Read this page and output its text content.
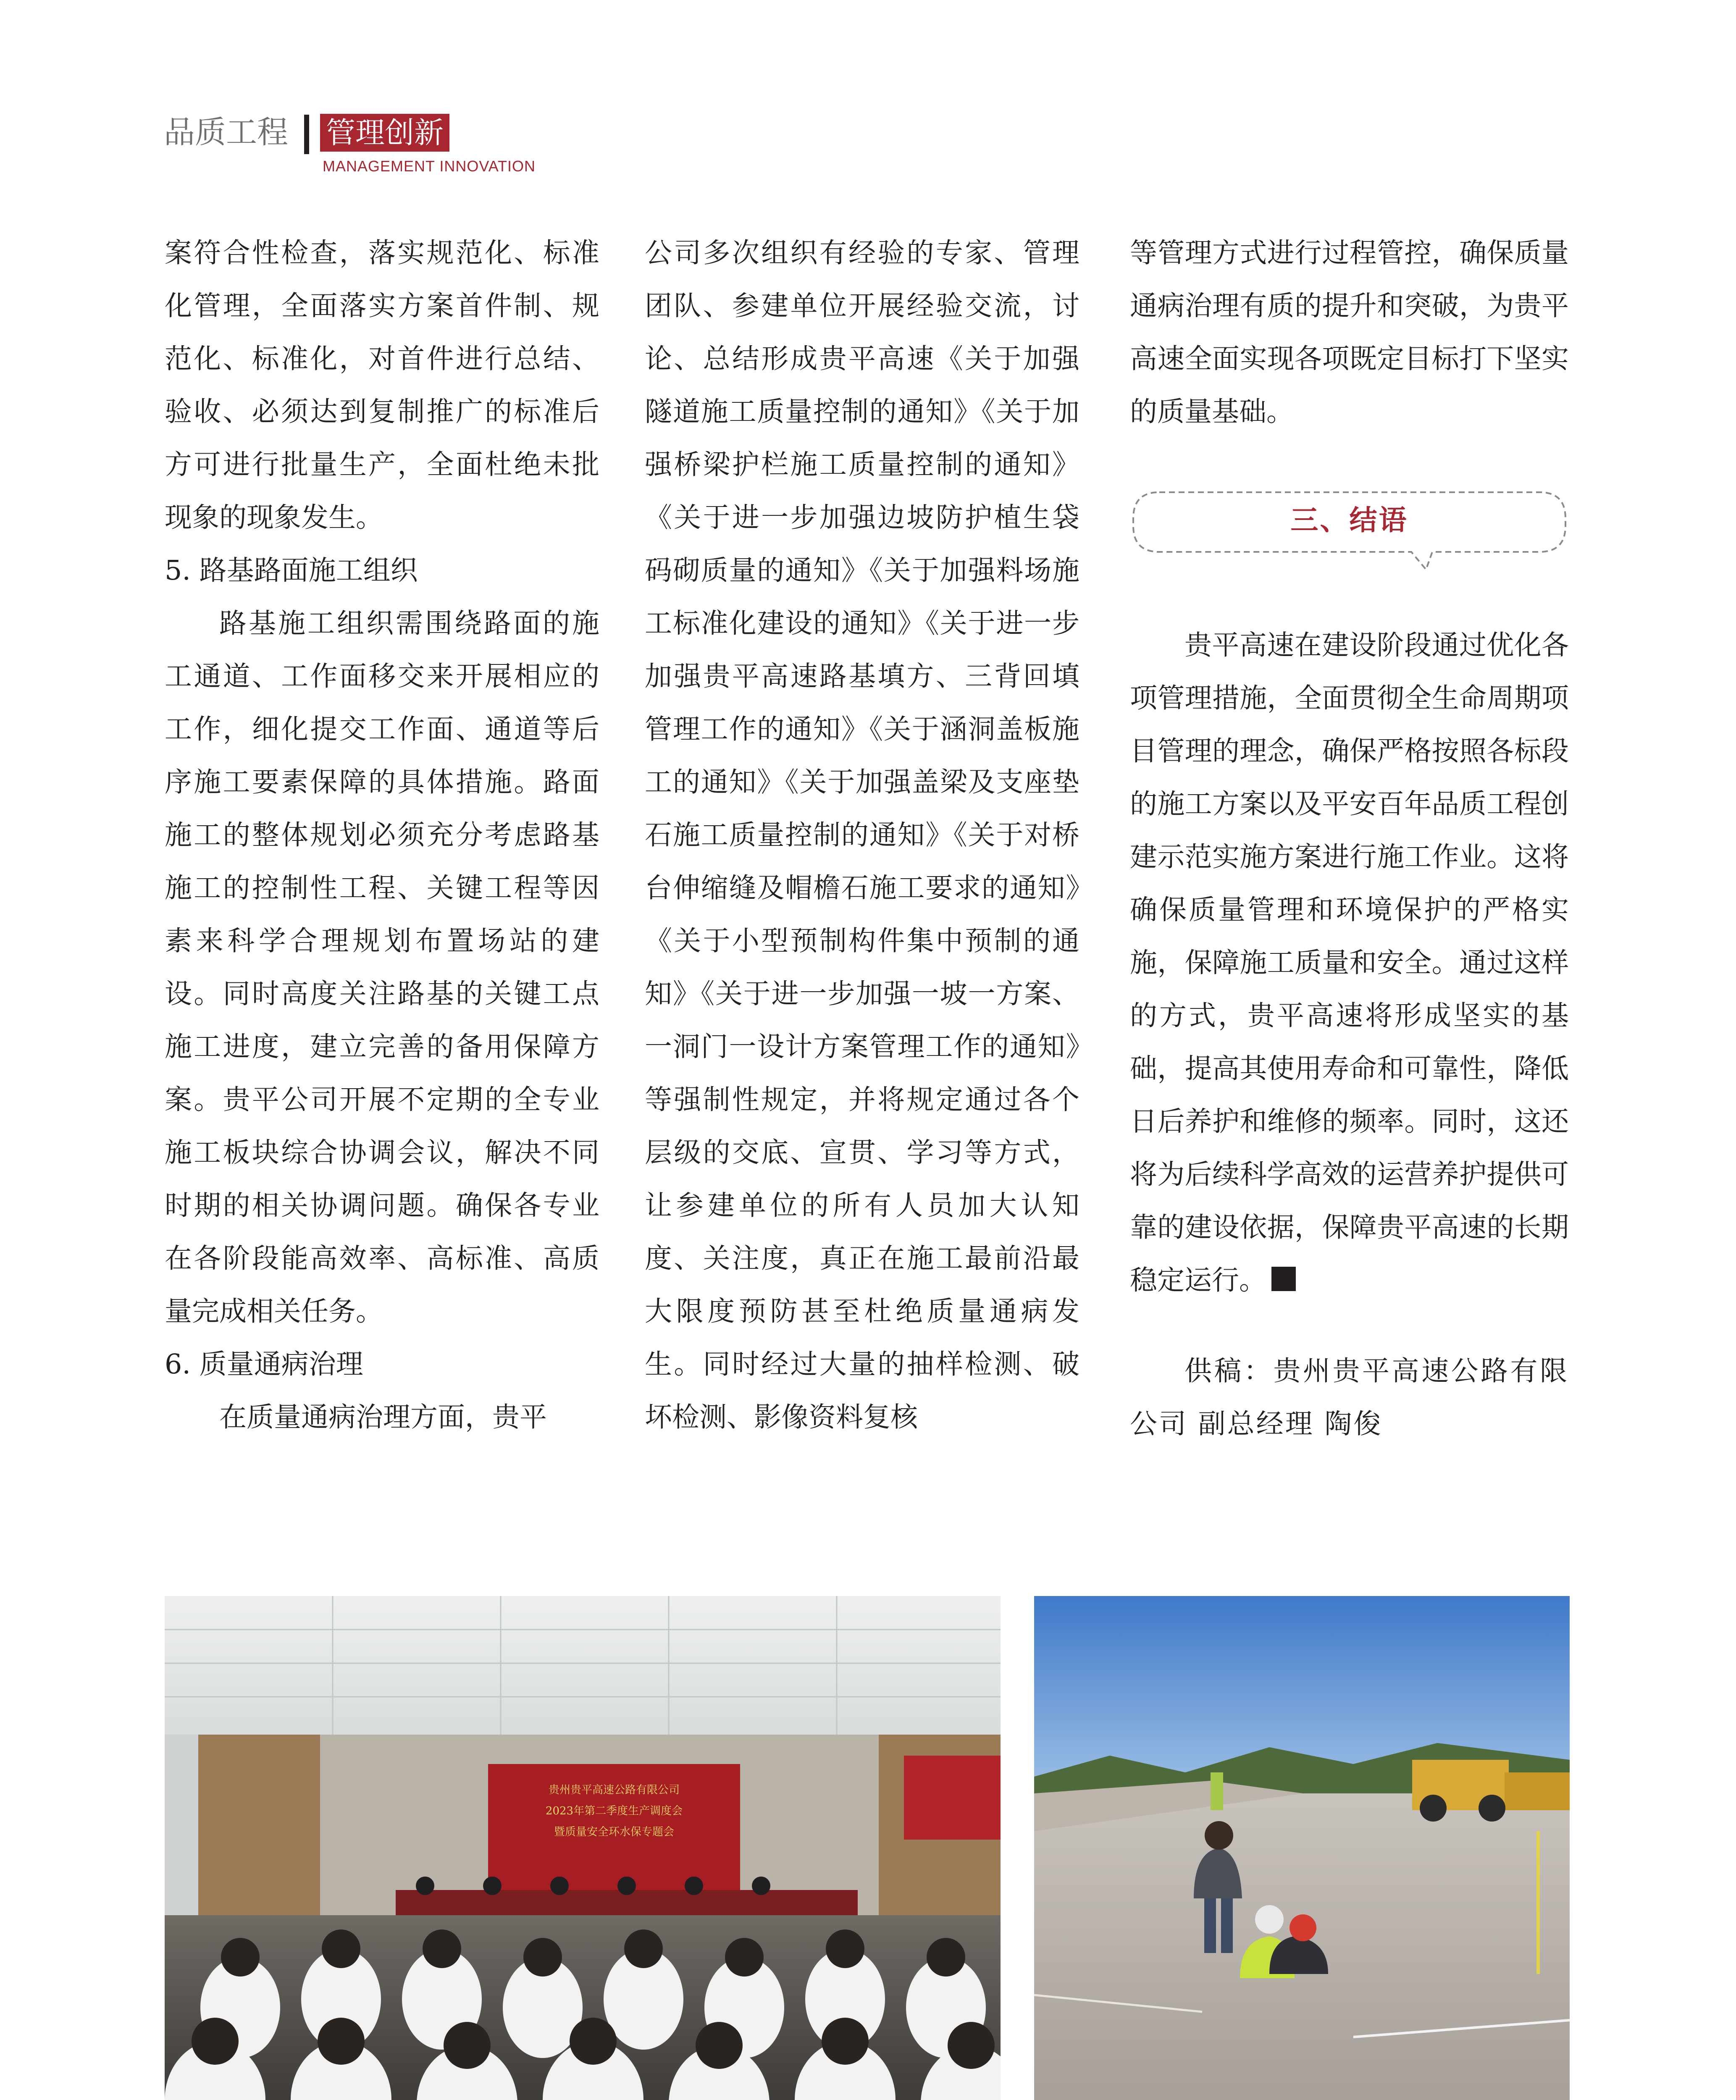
品质工程 管理创新
MANAGEMENT INNOVATION

案符合性检查，落实规范化、标准化管理，全面落实方案首件制、规范化、标准化，对首件进行总结、验收、必须达到复制推广的标准后方可进行批量生产，全面杜绝未批现象的现象发生。

5. 路基路面施工组织

路基施工组织需围绕路面的施工通道、工作面移交来开展相应的工作，细化提交工作面、通道等后序施工要素保障的具体措施。路面施工的整体规划必须充分考虑路基施工的控制性工程、关键工程等因素来科学合理规划布置场站的建设。同时高度关注路基的关键工点施工进度，建立完善的备用保障方案。贵平公司开展不定期的全专业施工板块综合协调会议，解决不同时期的相关协调问题。确保各专业在各阶段能高效率、高标准、高质量完成相关任务。

6. 质量通病治理

在质量通病治理方面，贵平

公司多次组织有经验的专家、管理团队、参建单位开展经验交流，讨论、总结形成贵平高速《关于加强隧道施工质量控制的通知》《关于加强桥梁护栏施工质量控制的通知》《关于进一步加强边坡防护植生袋码砌质量的通知》《关于加强料场施工标准化建设的通知》《关于进一步加强贵平高速路基填方、三背回填管理工作的通知》《关于涵洞盖板施工的通知》《关于加强盖梁及支座垫石施工质量控制的通知》《关于对桥台伸缩缝及帽檐石施工要求的通知》《关于小型预制构件集中预制的通知》《关于进一步加强一坡一方案、一洞门一设计方案管理工作的通知》等强制性规定，并将规定通过各个层级的交底、宣贯、学习等方式，让参建单位的所有人员加大认知度、关注度，真正在施工最前沿最大限度预防甚至杜绝质量通病发生。同时经过大量的抽样检测、破坏检测、影像资料复核

等管理方式进行过程管控，确保质量通病治理有质的提升和突破，为贵平高速全面实现各项既定目标打下坚实的质量基础。

三、结语

贵平高速在建设阶段通过优化各项管理措施，全面贯彻全生命周期项目管理的理念，确保严格按照各标段的施工方案以及平安百年品质工程创建示范实施方案进行施工作业。这将确保质量管理和环境保护的严格实施，保障施工质量和安全。通过这样的方式，贵平高速将形成坚实的基础，提高其使用寿命和可靠性，降低日后养护和维修的频率。同时，这还将为后续科学高效的运营养护提供可靠的建设依据，保障贵平高速的长期稳定运行。

供稿：贵州贵平高速公路有限公司 副总经理 陶俊

贵州贵平高速公路有限公司
2023年第二季度生产调度会
暨质量安全环水保专题会
